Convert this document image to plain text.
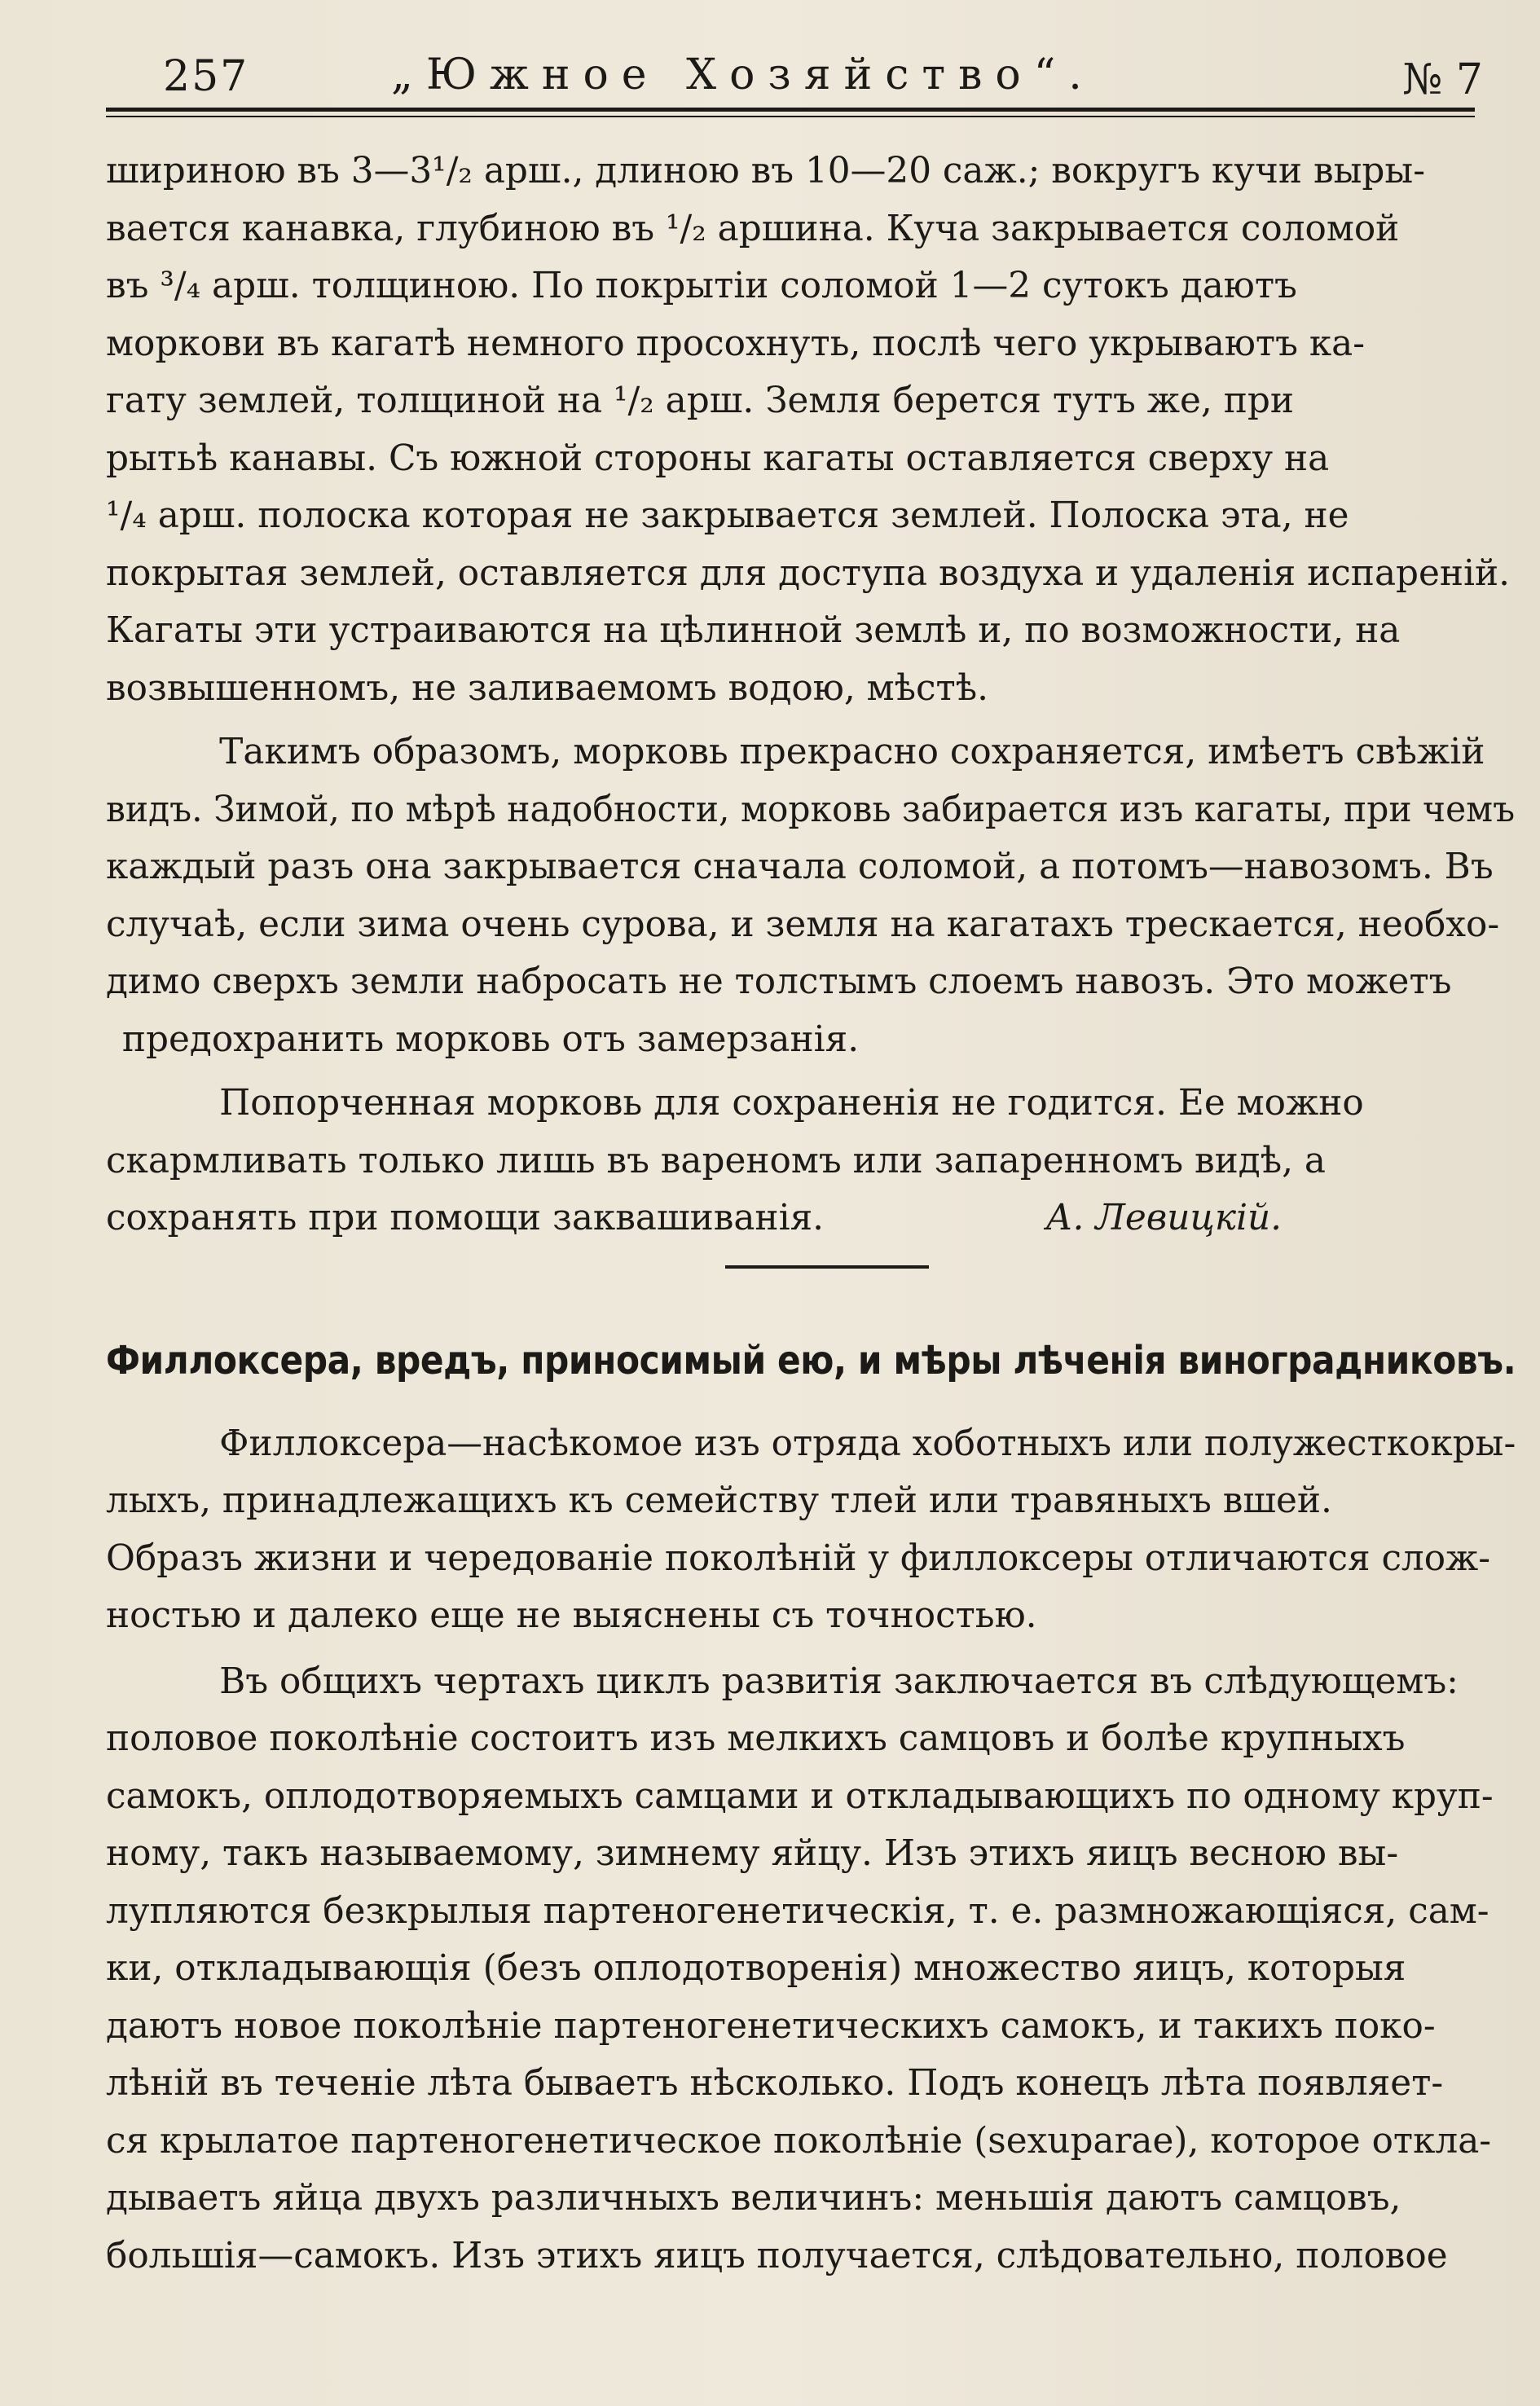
257	„Южное Хозяйство“.	№ 7
шириною въ 3—3¹/₂ арш., длиною въ 10—20 саж.; вокругъ кучи выры-
вается канавка, глубиною въ ¹/₂ аршина. Куча закрывается соломой
въ ³/₄ арш. толщиною. По покрытіи соломой 1—2 сутокъ даютъ
моркови въ кагатѣ немного просохнуть, послѣ чего укрываютъ ка-
гату землей, толщиной на ¹/₂ арш. Земля берется тутъ же, при
рытьѣ канавы. Съ южной стороны кагаты оставляется сверху на
¹/₄ арш. полоска которая не закрывается землей. Полоска эта, не
покрытая землей, оставляется для доступа воздуха и удаленія испареній.
Кагаты эти устраиваются на цѣлинной землѣ и, по возможности, на
возвышенномъ, не заливаемомъ водою, мѣстѣ.
Такимъ образомъ, морковь прекрасно сохраняется, имѣетъ свѣжій
видъ. Зимой, по мѣрѣ надобности, морковь забирается изъ кагаты, при чемъ
каждый разъ она закрывается сначала соломой, а потомъ—навозомъ. Въ
случаѣ, если зима очень сурова, и земля на кагатахъ трескается, необхо-
димо сверхъ земли набросать не толстымъ слоемъ навозъ. Это можетъ
предохранить морковь отъ замерзанія.
Попорченная морковь для сохраненія не годится. Ее можно
скармливать только лишь въ вареномъ или запаренномъ видѣ, а
сохранять при помощи заквашиванія.	А. Левицкій.
Филлоксера, вредъ, приносимый ею, и мѣры лѣченія виноградниковъ.
Филлоксера—насѣкомое изъ отряда хоботныхъ или полужесткокры-
лыхъ, принадлежащихъ къ семейству тлей или травяныхъ вшей.
Образъ жизни и чередованіе поколѣній у филлоксеры отличаются слож-
ностью и далеко еще не выяснены съ точностью.
Въ общихъ чертахъ циклъ развитія заключается въ слѣдующемъ:
половое поколѣніе состоитъ изъ мелкихъ самцовъ и болѣе крупныхъ
самокъ, оплодотворяемыхъ самцами и откладывающихъ по одному круп-
ному, такъ называемому, зимнему яйцу. Изъ этихъ яицъ весною вы-
лупляются безкрылыя партеногенетическія, т. е. размножающіяся, сам-
ки, откладывающія (безъ оплодотворенія) множество яицъ, которыя
даютъ новое поколѣніе партеногенетическихъ самокъ, и такихъ поко-
лѣній въ теченіе лѣта бываетъ нѣсколько. Подъ конецъ лѣта появляет-
ся крылатое партеногенетическое поколѣніе (sexuparae), которое откла-
дываетъ яйца двухъ различныхъ величинъ: меньшія даютъ самцовъ,
большія—самокъ. Изъ этихъ яицъ получается, слѣдовательно, половое
